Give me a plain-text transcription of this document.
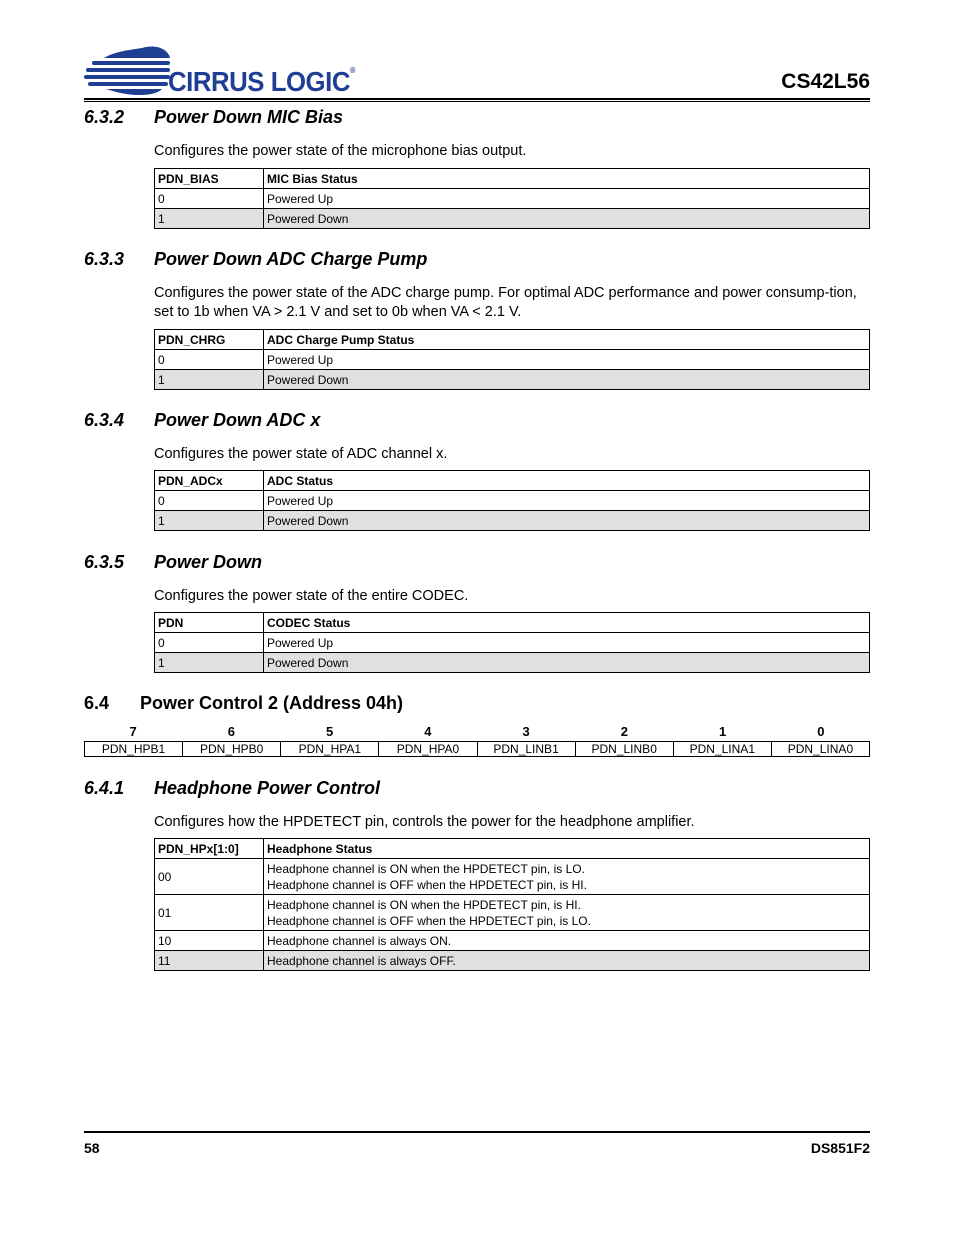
CIRRUS LOGIC®	CS42L56
6.3.2 Power Down MIC Bias
Configures the power state of the microphone bias output.
PDN_BIAS	MIC Bias Status
0	Powered Up
1	Powered Down
6.3.3 Power Down ADC Charge Pump
Configures the power state of the ADC charge pump. For optimal ADC performance and power consump-tion, set to 1b when VA > 2.1 V and set to 0b when VA < 2.1 V.
PDN_CHRG	ADC Charge Pump Status
0	Powered Up
1	Powered Down
6.3.4 Power Down ADC x
Configures the power state of ADC channel x.
PDN_ADCx	ADC Status
0	Powered Up
1	Powered Down
6.3.5 Power Down
Configures the power state of the entire CODEC.
PDN	CODEC Status
0	Powered Up
1	Powered Down
6.4 Power Control 2 (Address 04h)
7	6	5	4	3	2	1	0
PDN_HPB1	PDN_HPB0	PDN_HPA1	PDN_HPA0	PDN_LINB1	PDN_LINB0	PDN_LINA1	PDN_LINA0
6.4.1 Headphone Power Control
Configures how the HPDETECT pin, controls the power for the headphone amplifier.
PDN_HPx[1:0]	Headphone Status
00	Headphone channel is ON when the HPDETECT pin, is LO.
Headphone channel is OFF when the HPDETECT pin, is HI.

01	Headphone channel is ON when the HPDETECT pin, is HI.
Headphone channel is OFF when the HPDETECT pin, is LO.

10	Headphone channel is always ON.
11	Headphone channel is always OFF.
58	DS851F2
